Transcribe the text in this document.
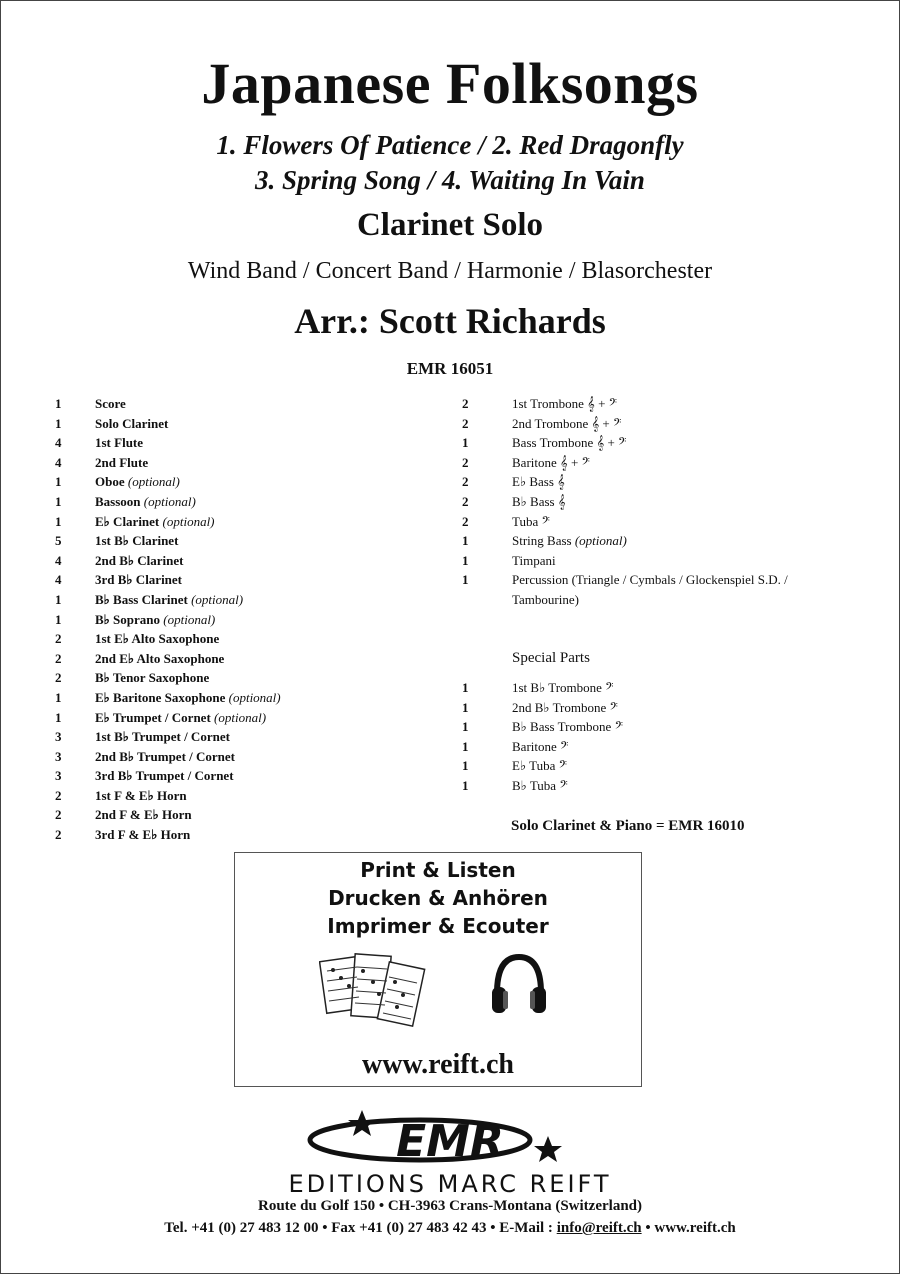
Japanese Folksongs
1. Flowers Of Patience / 2. Red Dragonfly
3. Spring Song / 4. Waiting In Vain
Clarinet Solo
Wind Band / Concert Band / Harmonie / Blasorchester
Arr.: Scott Richards
EMR 16051
1	Score
1	Solo Clarinet
4	1st Flute
4	2nd Flute
1	Oboe (optional)
1	Bassoon (optional)
1	E♭ Clarinet (optional)
5	1st B♭ Clarinet
4	2nd B♭ Clarinet
4	3rd B♭ Clarinet
1	B♭ Bass Clarinet (optional)
1	B♭ Soprano (optional)
2	1st E♭ Alto Saxophone
2	2nd E♭ Alto Saxophone
2	B♭ Tenor Saxophone
1	E♭ Baritone Saxophone (optional)
1	E♭ Trumpet / Cornet (optional)
3	1st B♭ Trumpet / Cornet
3	2nd B♭ Trumpet / Cornet
3	3rd B♭ Trumpet / Cornet
2	1st F & E♭ Horn
2	2nd F & E♭ Horn
2	3rd F & E♭ Horn
2	1st Trombone 𝄞 + 𝄢
2	2nd Trombone 𝄞 + 𝄢
1	Bass Trombone 𝄞 + 𝄢
2	Baritone 𝄞 + 𝄢
2	E♭ Bass 𝄞
2	B♭ Bass 𝄞
2	Tuba 𝄢
1	String Bass (optional)
1	Timpani
1	Percussion (Triangle / Cymbals / Glockenspiel S.D. /
Tambourine)
Special Parts
1	1st B♭ Trombone 𝄢
1	2nd B♭ Trombone 𝄢
1	B♭ Bass Trombone 𝄢
1	Baritone 𝄢
1	E♭ Tuba 𝄢
1	B♭ Tuba 𝄢
Solo Clarinet & Piano = EMR 16010
Print & Listen
Drucken & Anhören
Imprimer & Ecouter
www.reift.ch
EMR
EDITIONS MARC REIFT
Route du Golf 150 • CH-3963 Crans-Montana (Switzerland)
Tel. +41 (0) 27 483 12 00 • Fax +41 (0) 27 483 42 43 • E-Mail : info@reift.ch • www.reift.ch
